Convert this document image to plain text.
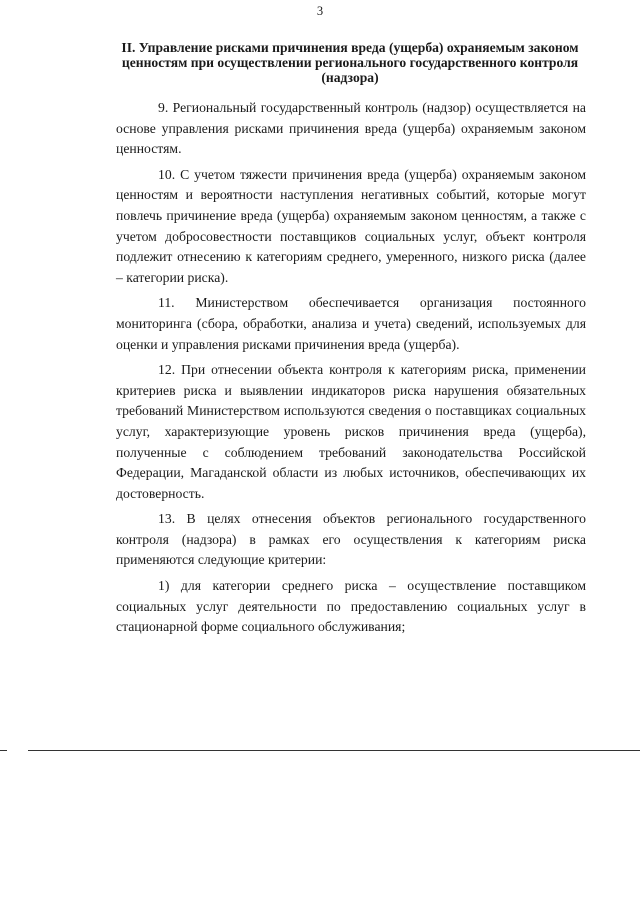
3
II. Управление рисками причинения вреда (ущерба) охраняемым законом ценностям при осуществлении регионального государственного контроля (надзора)

9. Региональный государственный контроль (надзор) осуществляется на основе управления рисками причинения вреда (ущерба) охраняемым законом ценностям.

10. С учетом тяжести причинения вреда (ущерба) охраняемым законом ценностям и вероятности наступления негативных событий, которые могут повлечь причинение вреда (ущерба) охраняемым законом ценностям, а также с учетом добросовестности поставщиков социальных услуг, объект контроля подлежит отнесению к категориям среднего, умеренного, низкого риска (далее – категории риска).

11. Министерством обеспечивается организация постоянного мониторинга (сбора, обработки, анализа и учета) сведений, используемых для оценки и управления рисками причинения вреда (ущерба).

12. При отнесении объекта контроля к категориям риска, применении критериев риска и выявлении индикаторов риска нарушения обязательных требований Министерством используются сведения о поставщиках социальных услуг, характеризующие уровень рисков причинения вреда (ущерба), полученные с соблюдением требований законодательства Российской Федерации, Магаданской области из любых источников, обеспечивающих их достоверность.

13. В целях отнесения объектов регионального государственного контроля (надзора) в рамках его осуществления к категориям риска применяются следующие критерии:

1) для категории среднего риска – осуществление поставщиком социальных услуг деятельности по предоставлению социальных услуг в стационарной форме социального обслуживания;
